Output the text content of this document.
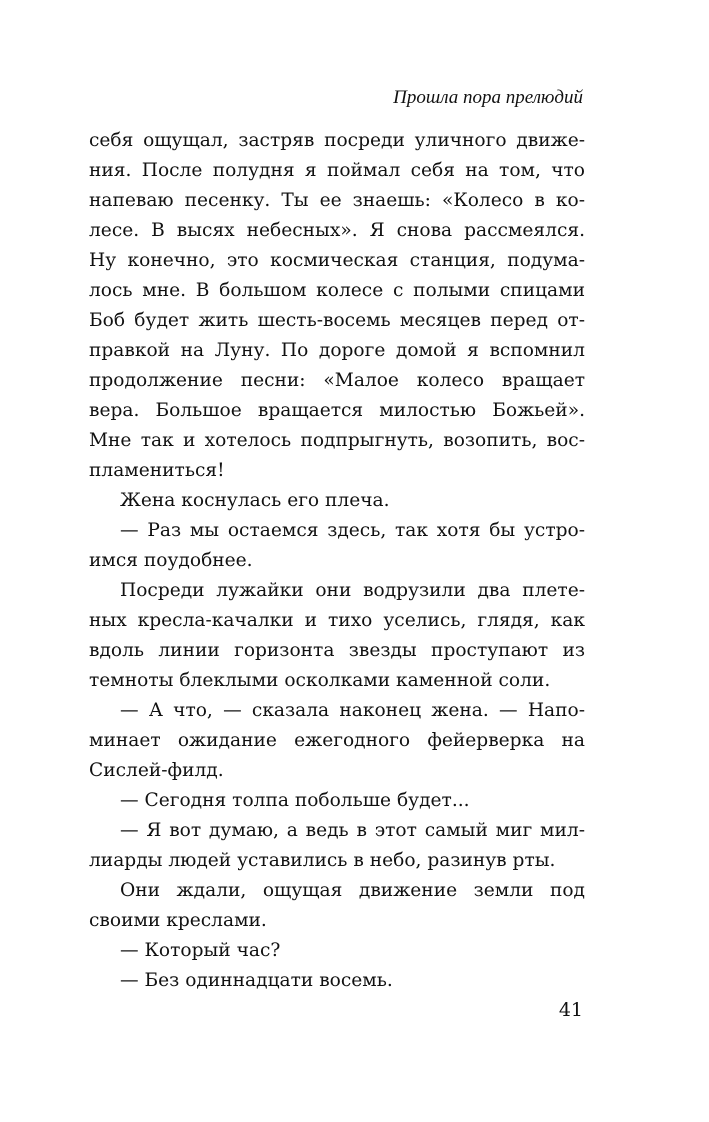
Прошла пора прелюдий
себя ощущал, застряв посреди уличного движе-
ния. После полудня я поймал себя на том, что
напеваю песенку. Ты ее знаешь: «Колесо в ко-
лесе. В высях небесных». Я снова рассмеялся.
Ну конечно, это космическая станция, подума-
лось мне. В большом колесе с полыми спицами
Боб будет жить шесть-восемь месяцев перед от-
правкой на Луну. По дороге домой я вспомнил
продолжение песни: «Малое колесо вращает
вера. Большое вращается милостью Божьей».
Мне так и хотелось подпрыгнуть, возопить, вос-
пламениться!
Жена коснулась его плеча.
— Раз мы остаемся здесь, так хотя бы устро-
имся поудобнее.
Посреди лужайки они водрузили два плете-
ных кресла-качалки и тихо уселись, глядя, как
вдоль линии горизонта звезды проступают из
темноты блеклыми осколками каменной соли.
— А что, — сказала наконец жена. — Напо-
минает ожидание ежегодного фейерверка на
Сислей-филд.
— Сегодня толпа побольше будет...
— Я вот думаю, а ведь в этот самый миг мил-
лиарды людей уставились в небо, разинув рты.
Они ждали, ощущая движение земли под
своими креслами.
— Который час?
— Без одиннадцати восемь.
41
